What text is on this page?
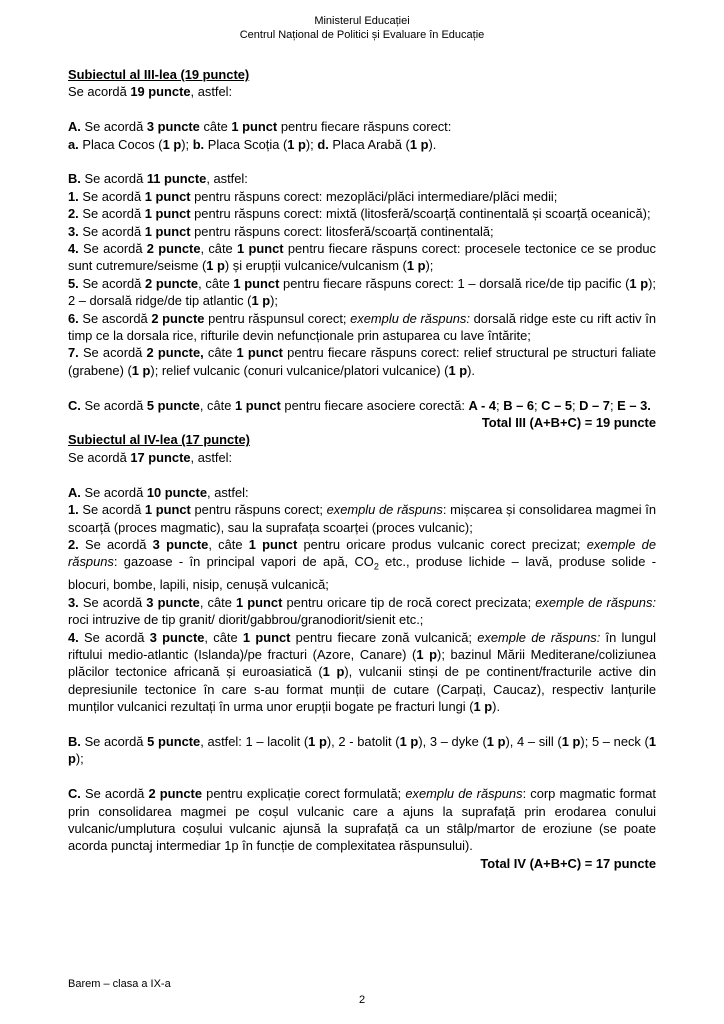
Ministerul Educației
Centrul Național de Politici și Evaluare în Educație

Subiectul al III-lea (19 puncte)

Se acordă 19 puncte, astfel:

A. Se acordă 3 puncte câte 1 punct pentru fiecare răspuns corect:

a. Placa Cocos (1 p); b. Placa Scoția (1 p); d. Placa Arabă (1 p).

B. Se acordă 11 puncte, astfel:

1. Se acordă 1 punct pentru răspuns corect: mezoplăci/plăci intermediare/plăci medii;

2. Se acordă 1 punct pentru răspuns corect: mixtă (litosferă/scoarță continentală și scoarță oceanică);

3. Se acordă 1 punct pentru răspuns corect: litosferă/scoarță continentală;

4. Se acordă 2 puncte, câte 1 punct pentru fiecare răspuns corect: procesele tectonice ce se produc sunt cutremure/seisme (1 p) și erupții vulcanice/vulcanism (1 p);

5. Se acordă 2 puncte, câte 1 punct pentru fiecare răspuns corect: 1 – dorsală rice/de tip pacific (1 p); 2 – dorsală ridge/de tip atlantic (1 p);

6. Se ascordă 2 puncte pentru răspunsul corect; exemplu de răspuns: dorsală ridge este cu rift activ în timp ce la dorsala rice, rifturile devin nefuncționale prin astuparea cu lave întărite;

7. Se acordă 2 puncte, câte 1 punct pentru fiecare răspuns corect: relief structural pe structuri faliate (grabene) (1 p); relief vulcanic (conuri vulcanice/platori vulcanice) (1 p).

C. Se acordă 5 puncte, câte 1 punct pentru fiecare asociere corectă: A - 4; B – 6; C – 5; D – 7; E – 3.

Total III (A+B+C) = 19 puncte

Subiectul al IV-lea (17 puncte)

Se acordă 17 puncte, astfel:

A. Se acordă 10 puncte, astfel:

1. Se acordă 1 punct pentru răspuns corect; exemplu de răspuns: mișcarea și consolidarea magmei în scoarță (proces magmatic), sau la suprafața scoarței (proces vulcanic);

2. Se acordă 3 puncte, câte 1 punct pentru oricare produs vulcanic corect precizat; exemple de răspuns: gazoase - în principal vapori de apă, $CO_2$ etc., produse lichide – lavă, produse solide - blocuri, bombe, lapili, nisip, cenușă vulcanică;

3. Se acordă 3 puncte, câte 1 punct pentru oricare tip de rocă corect precizata; exemple de răspuns: roci intruzive de tip granit/ diorit/gabbrou/granodiorit/sienit etc.;

4. Se acordă 3 puncte, câte 1 punct pentru fiecare zonă vulcanică; exemple de răspuns: în lungul riftului medio-atlantic (Islanda)/pe fracturi (Azore, Canare) (1 p); bazinul Mării Mediterane/coliziunea plăcilor tectonice africană și euroasiatică (1 p), vulcanii stinși de pe continent/fracturile active din depresiunile tectonice în care s-au format munții de cutare (Carpați, Caucaz), respectiv lanțurile munților vulcanici rezultați în urma unor erupții bogate pe fracturi lungi (1 p).

B. Se acordă 5 puncte, astfel: 1 – lacolit (1 p), 2 - batolit (1 p), 3 – dyke (1 p), 4 – sill (1 p); 5 – neck (1 p);

C. Se acordă 2 puncte pentru explicație corect formulată; exemplu de răspuns: corp magmatic format prin consolidarea magmei pe coșul vulcanic care a ajuns la suprafață prin erodarea conului vulcanic/umplutura coșului vulcanic ajunsă la suprafață ca un stâlp/martor de eroziune (se poate acorda punctaj intermediar 1p în funcție de complexitatea răspunsului).

Total IV (A+B+C) = 17 puncte

Barem – clasa a IX-a
2
